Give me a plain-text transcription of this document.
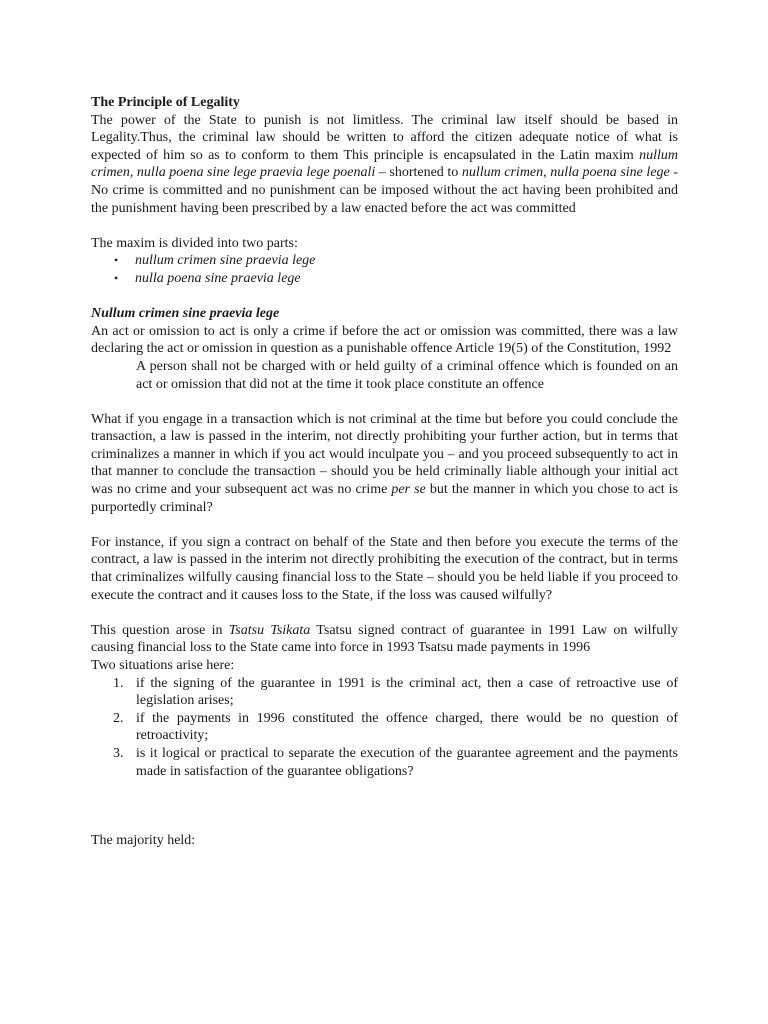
The Principle of Legality

The power of the State to punish is not limitless. The criminal law itself should be based in Legality.Thus, the criminal law should be written to afford the citizen adequate notice of what is expected of him so as to conform to them This principle is encapsulated in the Latin maxim nullum crimen, nulla poena sine lege praevia lege poenali – shortened to nullum crimen, nulla poena sine lege - No crime is committed and no punishment can be imposed without the act having been prohibited and the punishment having been prescribed by a law enacted before the act was committed

The maxim is divided into two parts:

• nullum crimen sine praevia lege
• nulla poena sine praevia lege

Nullum crimen sine praevia lege

An act or omission to act is only a crime if before the act or omission was committed, there was a law declaring the act or omission in question as a punishable offence Article 19(5) of the Constitution, 1992

A person shall not be charged with or held guilty of a criminal offence which is founded on an act or omission that did not at the time it took place constitute an offence

What if you engage in a transaction which is not criminal at the time but before you could conclude the transaction, a law is passed in the interim, not directly prohibiting your further action, but in terms that criminalizes a manner in which if you act would inculpate you – and you proceed subsequently to act in that manner to conclude the transaction – should you be held criminally liable although your initial act was no crime and your subsequent act was no crime per se but the manner in which you chose to act is purportedly criminal?

For instance, if you sign a contract on behalf of the State and then before you execute the terms of the contract, a law is passed in the interim not directly prohibiting the execution of the contract, but in terms that criminalizes wilfully causing financial loss to the State – should you be held liable if you proceed to execute the contract and it causes loss to the State, if the loss was caused wilfully?

This question arose in Tsatsu Tsikata Tsatsu signed contract of guarantee in 1991 Law on wilfully causing financial loss to the State came into force in 1993 Tsatsu made payments in 1996

Two situations arise here:

1. if the signing of the guarantee in 1991 is the criminal act, then a case of retroactive use of legislation arises;
2. if the payments in 1996 constituted the offence charged, there would be no question of retroactivity;
3. is it logical or practical to separate the execution of the guarantee agreement and the payments made in satisfaction of the guarantee obligations?

The majority held:
